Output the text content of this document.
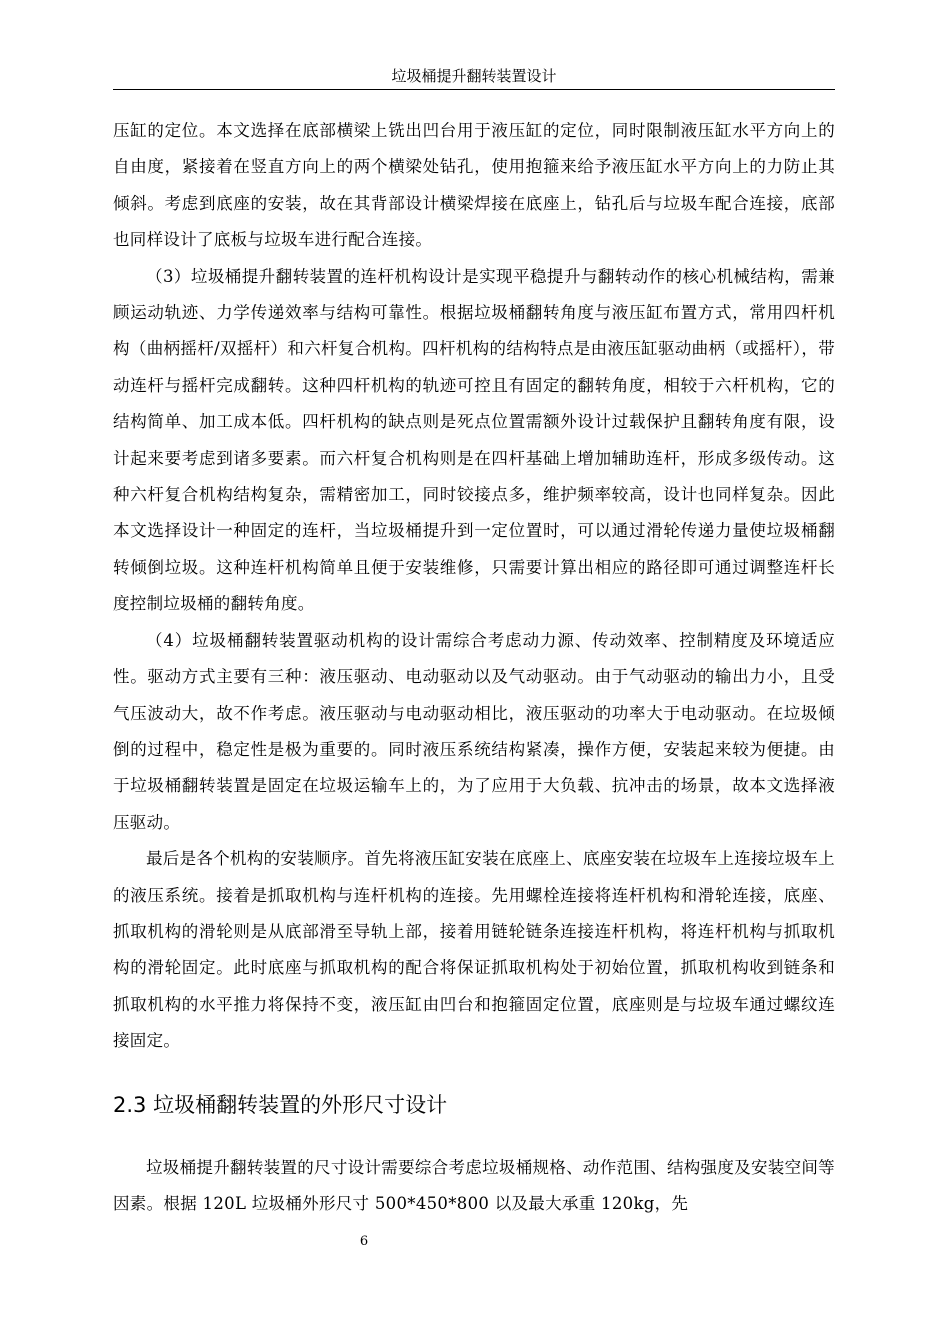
垃圾桶提升翻转装置设计

压缸的定位。本文选择在底部横梁上铣出凹台用于液压缸的定位，同时限制液压缸水平方向上的自由度，紧接着在竖直方向上的两个横梁处钻孔，使用抱箍来给予液压缸水平方向上的力防止其倾斜。考虑到底座的安装，故在其背部设计横梁焊接在底座上，钻孔后与垃圾车配合连接，底部也同样设计了底板与垃圾车进行配合连接。

（3）垃圾桶提升翻转装置的连杆机构设计是实现平稳提升与翻转动作的核心机械结构，需兼顾运动轨迹、力学传递效率与结构可靠性。根据垃圾桶翻转角度与液压缸布置方式，常用四杆机构（曲柄摇杆/双摇杆）和六杆复合机构。四杆机构的结构特点是由液压缸驱动曲柄（或摇杆），带动连杆与摇杆完成翻转。这种四杆机构的轨迹可控且有固定的翻转角度，相较于六杆机构，它的结构简单、加工成本低。四杆机构的缺点则是死点位置需额外设计过载保护且翻转角度有限，设计起来要考虑到诸多要素。而六杆复合机构则是在四杆基础上增加辅助连杆，形成多级传动。这种六杆复合机构结构复杂，需精密加工，同时铰接点多，维护频率较高，设计也同样复杂。因此本文选择设计一种固定的连杆，当垃圾桶提升到一定位置时，可以通过滑轮传递力量使垃圾桶翻转倾倒垃圾。这种连杆机构简单且便于安装维修，只需要计算出相应的路径即可通过调整连杆长度控制垃圾桶的翻转角度。

（4）垃圾桶翻转装置驱动机构的设计需综合考虑动力源、传动效率、控制精度及环境适应性。驱动方式主要有三种：液压驱动、电动驱动以及气动驱动。由于气动驱动的输出力小，且受气压波动大，故不作考虑。液压驱动与电动驱动相比，液压驱动的功率大于电动驱动。在垃圾倾倒的过程中，稳定性是极为重要的。同时液压系统结构紧凑，操作方便，安装起来较为便捷。由于垃圾桶翻转装置是固定在垃圾运输车上的，为了应用于大负载、抗冲击的场景，故本文选择液压驱动。

最后是各个机构的安装顺序。首先将液压缸安装在底座上、底座安装在垃圾车上连接垃圾车上的液压系统。接着是抓取机构与连杆机构的连接。先用螺栓连接将连杆机构和滑轮连接，底座、抓取机构的滑轮则是从底部滑至导轨上部，接着用链轮链条连接连杆机构，将连杆机构与抓取机构的滑轮固定。此时底座与抓取机构的配合将保证抓取机构处于初始位置，抓取机构收到链条和抓取机构的水平推力将保持不变，液压缸由凹台和抱箍固定位置，底座则是与垃圾车通过螺纹连接固定。

2.3 垃圾桶翻转装置的外形尺寸设计

垃圾桶提升翻转装置的尺寸设计需要综合考虑垃圾桶规格、动作范围、结构强度及安装空间等因素。根据 120L 垃圾桶外形尺寸 500*450*800 以及最大承重 120kg，先

6
